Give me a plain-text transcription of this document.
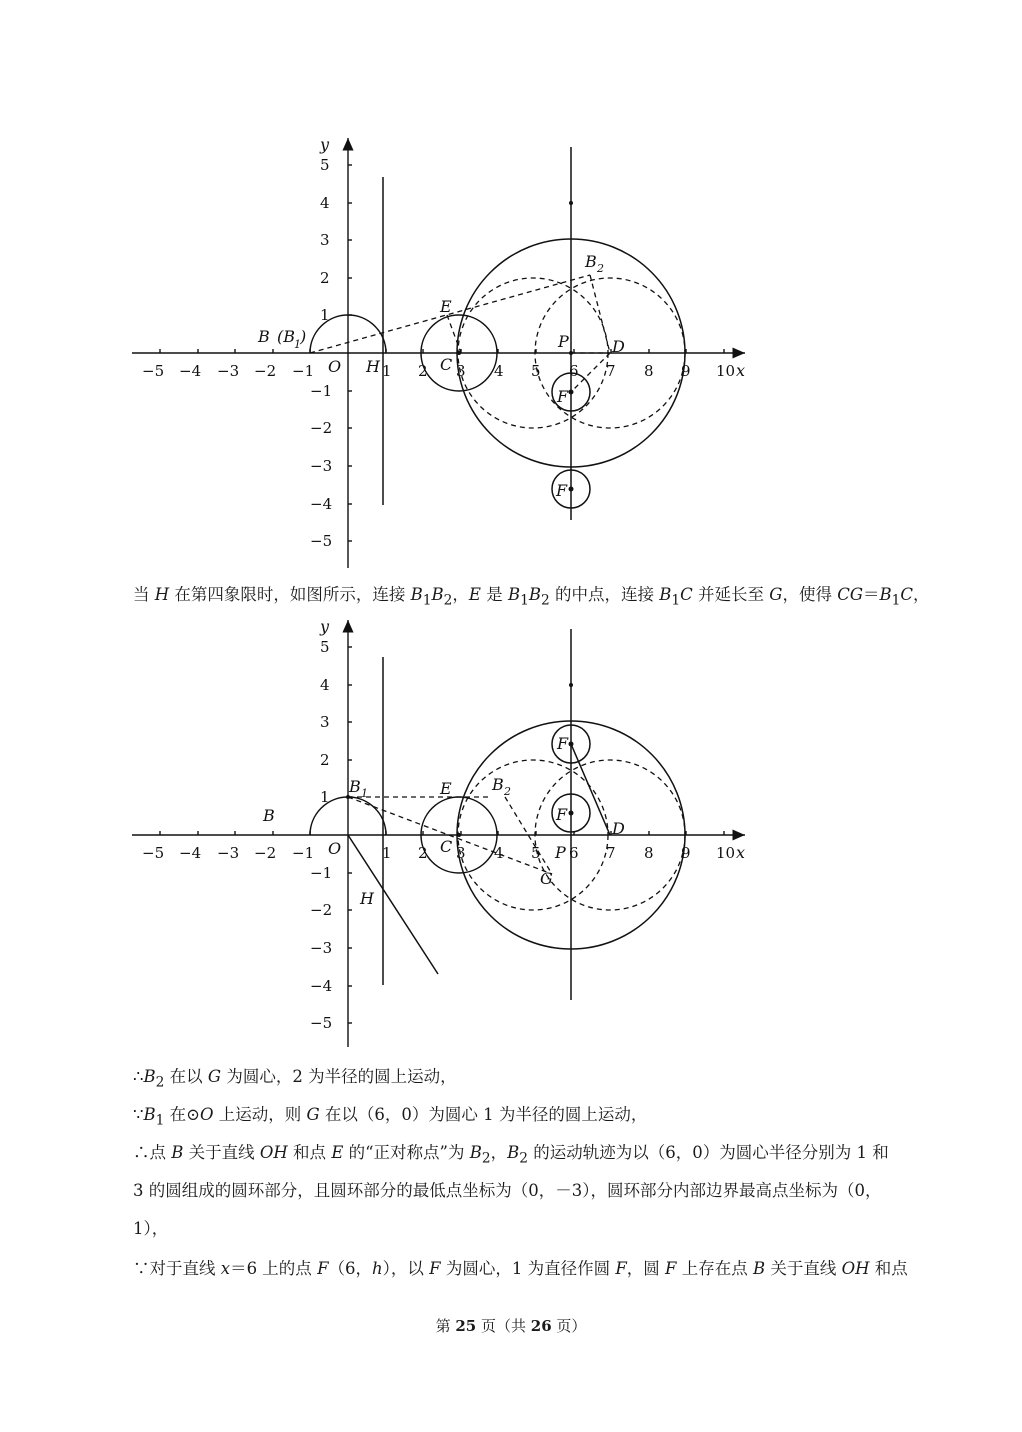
−5 −4 −3 −2 −1	1 2 3 4 5 6 7 8 9 10 x
y
O
5
4
3
2
1
−1
−2
−3
−4
−5
B (B 1 )
H
E
C
P	D
B 2
F
F
当 H 在第四象限时，如图所示，连接 $B_1B_2$，E 是 $B_1B_2$ 的中点，连接 $B_1C$ 并延长至 G，使得 $CG=B_1C$，
−5 −4 −3 −2 −1	1 2 3 4 5 6 7 8 9 10 x
y
O
5
4
3
2
1
−1
−2
−3
−4
−5
B
B 1	E	B 2
C	P
D
G
H
F
F
$\therefore B_2$ 在以 G 为圆心，2 为半径的圆上运动，
$\because B_1$ 在⊙O 上运动，则 G 在以（6，0）为圆心 1 为半径的圆上运动，
∴点 B 关于直线 OH 和点 E 的“正对称点”为 $B_2$，$B_2$ 的运动轨迹为以（6，0）为圆心半径分别为 1 和
3 的圆组成的圆环部分，且圆环部分的最低点坐标为（0，－3），圆环部分内部边界最高点坐标为（0，
1），
∵对于直线 x＝6 上的点 F（6，h），以 F 为圆心，1 为直径作圆 F，圆 F 上存在点 B 关于直线 OH 和点
第 25 页（共 26 页）
